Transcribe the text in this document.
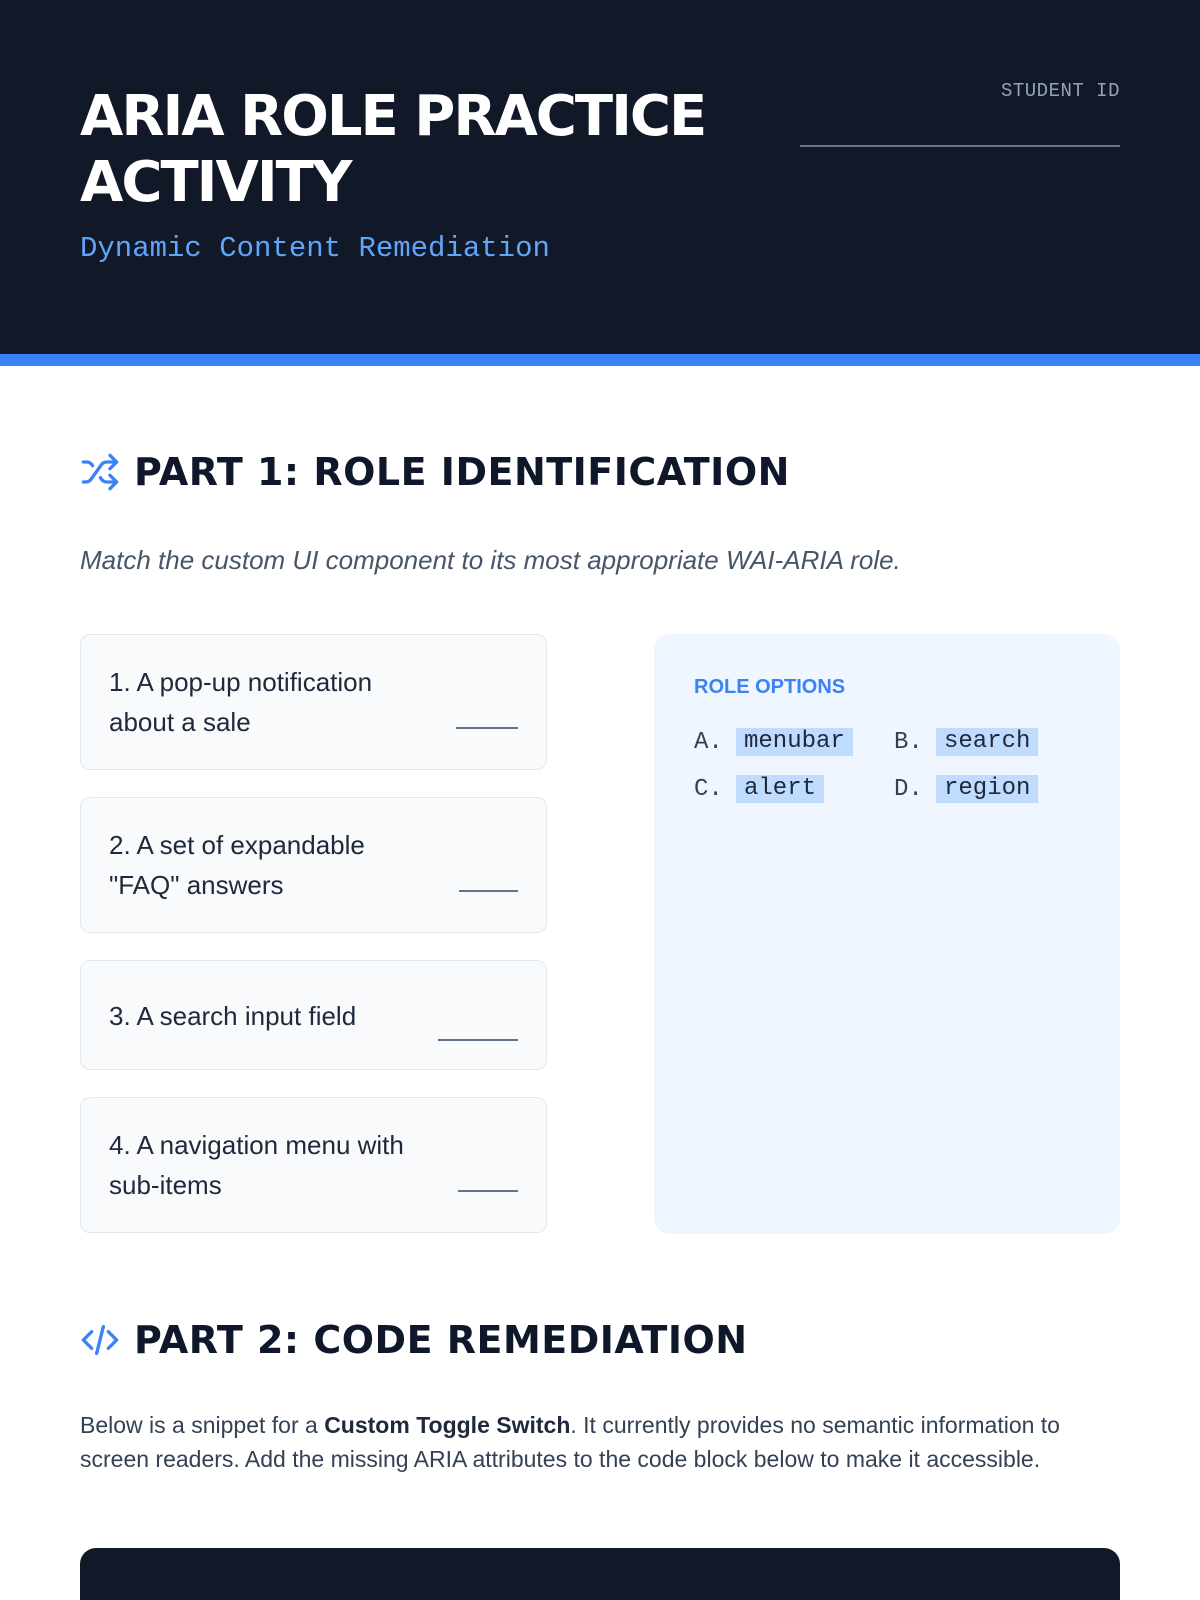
ARIA ROLE PRACTICE ACTIVITY
Dynamic Content Remediation
STUDENT ID
PART 1: ROLE IDENTIFICATION

Match the custom UI component to its most appropriate WAI-ARIA role.

1. A pop-up notification
about a sale
2. A set of expandable
"FAQ" answers
3. A search input field
4. A navigation menu with
sub-items
ROLE OPTIONS
A. menubar	B. search
C. alert	D. region
PART 2: CODE REMEDIATION

Below is a snippet for a Custom Toggle Switch. It currently provides no semantic information to screen readers. Add the missing ARIA attributes to the code block below to make it accessible.
